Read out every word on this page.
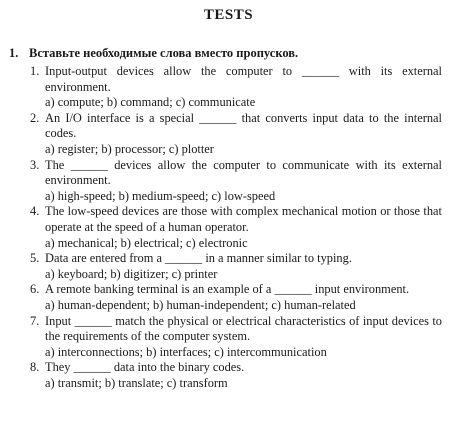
TESTS
1. Вставьте необходимые слова вместо пропусков.
1. Input-output devices allow the computer to ______ with its external environment.
a) compute; b) command; c) communicate
2. An I/O interface is a special ______ that converts input data to the internal codes.
a) register; b) processor; c) plotter
3. The ______ devices allow the computer to communicate with its external environment.
a) high-speed; b) medium-speed; c) low-speed
4. The low-speed devices are those with complex mechanical motion or those that operate at the speed of a human operator.
a) mechanical; b) electrical; c) electronic
5. Data are entered from a ______ in a manner similar to typing.
a) keyboard; b) digitizer; c) printer
6. A remote banking terminal is an example of a ______ input environment.
a) human-dependent; b) human-independent; c) human-related
7. Input ______ match the physical or electrical characteristics of input devices to the requirements of the computer system.
a) interconnections; b) interfaces; c) intercommunication
8. They ______ data into the binary codes.
a) transmit; b) translate; c) transform
